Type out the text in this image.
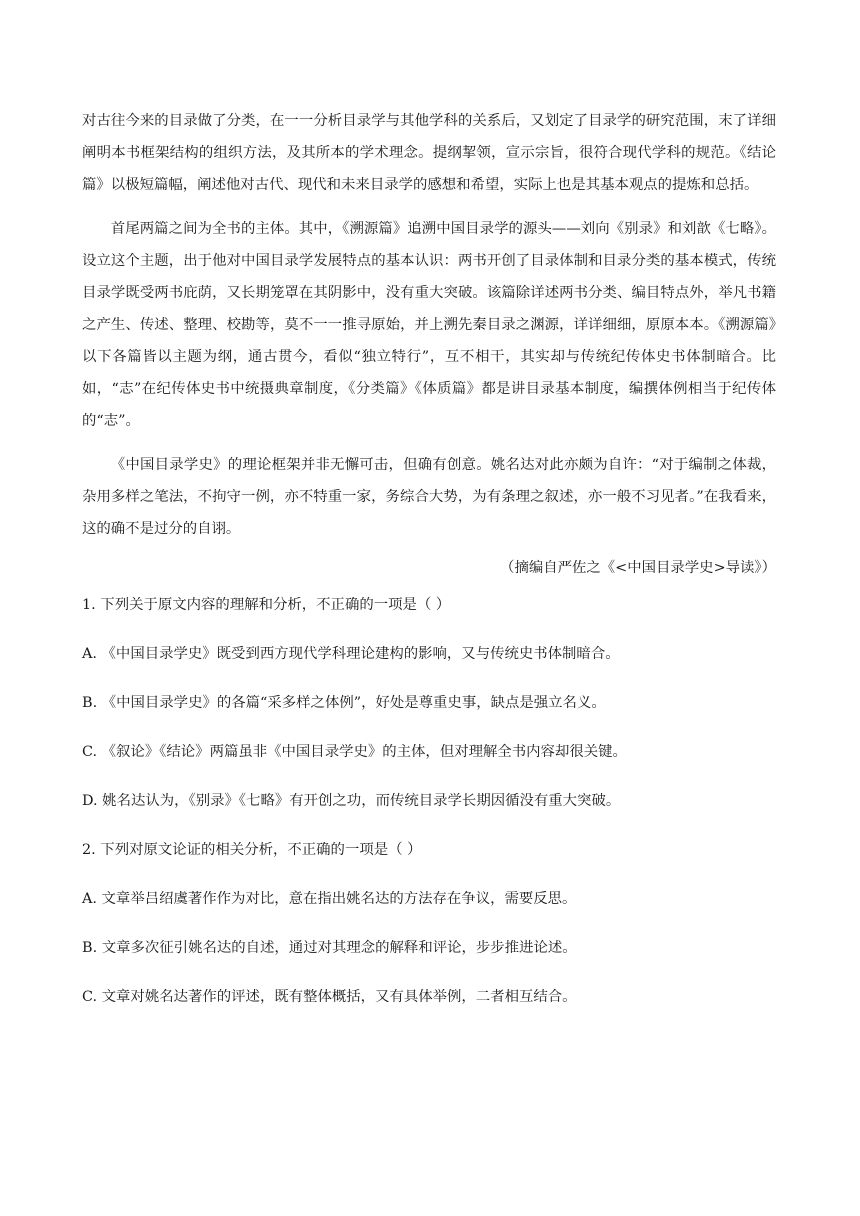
对古往今来的目录做了分类，在一一分析目录学与其他学科的关系后，又划定了目录学的研究范围，末了详细阐明本书框架结构的组织方法，及其所本的学术理念。提纲挈领，宣示宗旨，很符合现代学科的规范。《结论篇》以极短篇幅，阐述他对古代、现代和未来目录学的感想和希望，实际上也是其基本观点的提炼和总括。

首尾两篇之间为全书的主体。其中，《溯源篇》追溯中国目录学的源头——刘向《别录》和刘歆《七略》。设立这个主题，出于他对中国目录学发展特点的基本认识：两书开创了目录体制和目录分类的基本模式，传统目录学既受两书庇荫，又长期笼罩在其阴影中，没有重大突破。该篇除详述两书分类、编目特点外，举凡书籍之产生、传述、整理、校勘等，莫不一一推寻原始，并上溯先秦目录之渊源，详详细细，原原本本。《溯源篇》以下各篇皆以主题为纲，通古贯今，看似“独立特行”，互不相干，其实却与传统纪传体史书体制暗合。比如，“志”在纪传体史书中统摄典章制度，《分类篇》《体质篇》都是讲目录基本制度，编撰体例相当于纪传体的“志”。

《中国目录学史》的理论框架并非无懈可击，但确有创意。姚名达对此亦颇为自许：“对于编制之体裁，杂用多样之笔法，不拘守一例，亦不特重一家，务综合大势，为有条理之叙述，亦一般不习见者。”在我看来，这的确不是过分的自诩。

（摘编自严佐之《<中国目录学史>导读》）

1. 下列关于原文内容的理解和分析，不正确的一项是（ ）

A. 《中国目录学史》既受到西方现代学科理论建构的影响，又与传统史书体制暗合。

B. 《中国目录学史》的各篇“采多样之体例”，好处是尊重史事，缺点是强立名义。

C. 《叙论》《结论》两篇虽非《中国目录学史》的主体，但对理解全书内容却很关键。

D. 姚名达认为，《别录》《七略》有开创之功，而传统目录学长期因循没有重大突破。

2. 下列对原文论证的相关分析，不正确的一项是（ ）

A. 文章举吕绍虞著作作为对比，意在指出姚名达的方法存在争议，需要反思。

B. 文章多次征引姚名达的自述，通过对其理念的解释和评论，步步推进论述。

C. 文章对姚名达著作的评述，既有整体概括，又有具体举例，二者相互结合。
